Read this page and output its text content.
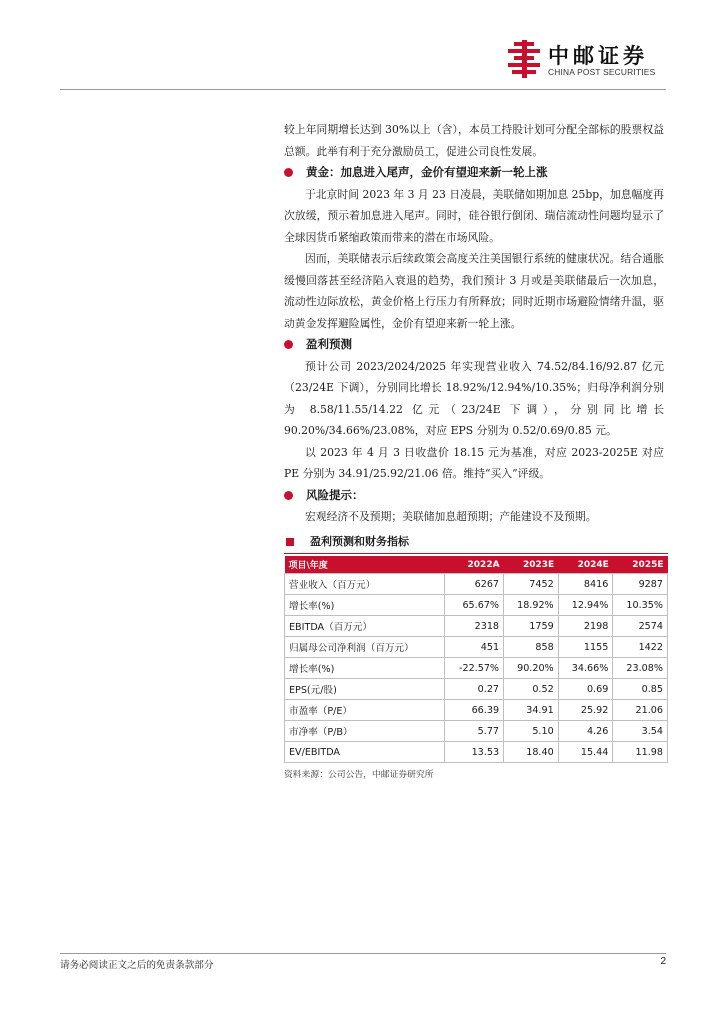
中邮证券
CHINA POST SECURITIES

较上年同期增长达到 30%以上（含），本员工持股计划可分配全部标的股票权益总额。此举有利于充分激励员工，促进公司良性发展。

黄金：加息进入尾声，金价有望迎来新一轮上涨

于北京时间 2023 年 3 月 23 日凌晨，美联储如期加息 25bp，加息幅度再次放缓，预示着加息进入尾声。同时，硅谷银行倒闭、瑞信流动性问题均显示了全球因货币紧缩政策而带来的潜在市场风险。

因而，美联储表示后续政策会高度关注美国银行系统的健康状况。结合通胀缓慢回落甚至经济陷入衰退的趋势，我们预计 3 月或是美联储最后一次加息，流动性边际放松，黄金价格上行压力有所释放；同时近期市场避险情绪升温，驱动黄金发挥避险属性，金价有望迎来新一轮上涨。

盈利预测

预计公司 2023/2024/2025 年实现营业收入 74.52/84.16/92.87 亿元（23/24E 下调），分别同比增长 18.92%/12.94%/10.35%；归母净利润分别为 8.58/11.55/14.22 亿元（23/24E 下调），分别同比增长 90.20%/34.66%/23.08%，对应 EPS 分别为 0.52/0.69/0.85 元。

以 2023 年 4 月 3 日收盘价 18.15 元为基准，对应 2023-2025E 对应 PE 分别为 34.91/25.92/21.06 倍。维持“买入”评级。

风险提示：

宏观经济不及预期；美联储加息超预期；产能建设不及预期。

盈利预测和财务指标
项目\年度	2022A	2023E	2024E	2025E
营业收入（百万元）	6267	7452	8416	9287
增长率(%)	65.67%	18.92%	12.94%	10.35%
EBITDA（百万元）	2318	1759	2198	2574
归属母公司净利润（百万元）	451	858	1155	1422
增长率(%)	-22.57%	90.20%	34.66%	23.08%
EPS(元/股)	0.27	0.52	0.69	0.85
市盈率（P/E）	66.39	34.91	25.92	21.06
市净率（P/B）	5.77	5.10	4.26	3.54
EV/EBITDA	13.53	18.40	15.44	11.98
资料来源：公司公告，中邮证券研究所
请务必阅读正文之后的免责条款部分	2
